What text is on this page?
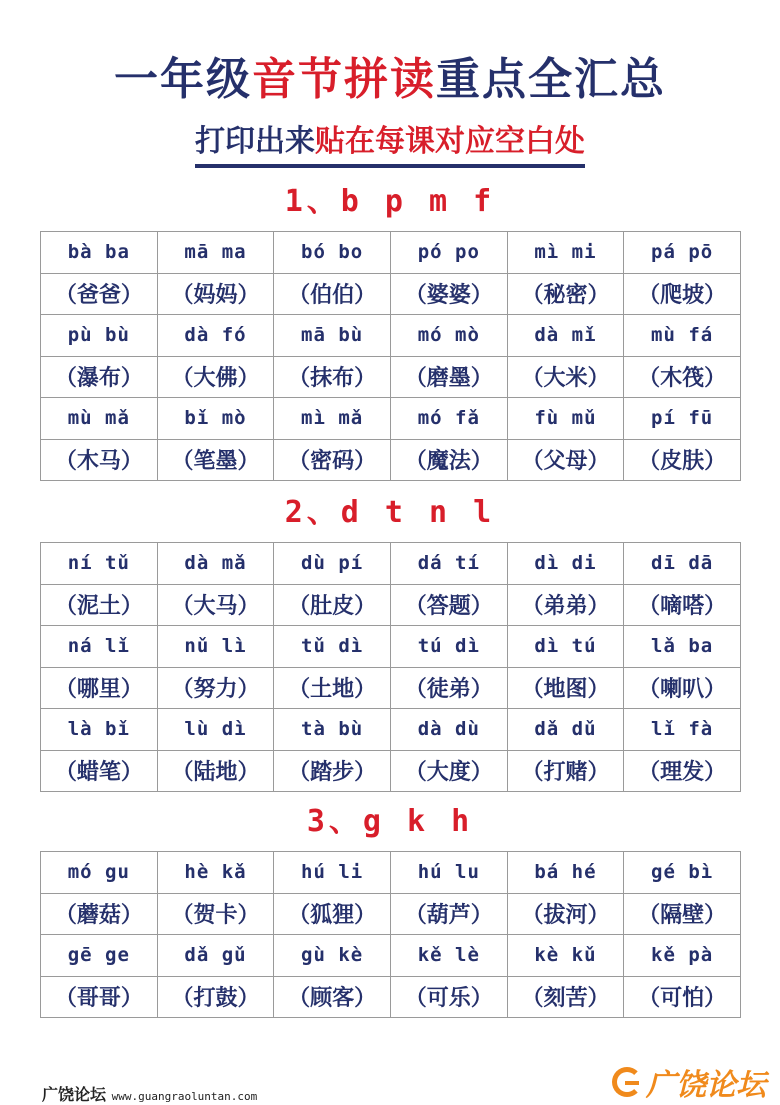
一年级音节拼读重点全汇总
打印出来贴在每课对应空白处
1、b p m f
bà ba	mā ma	bó bo	pó po	mì mi	pá pō
（爸爸）	（妈妈）	（伯伯）	（婆婆）	（秘密）	（爬坡）
pù bù	dà fó	mā bù	mó mò	dà mǐ	mù fá
（瀑布）	（大佛）	（抹布）	（磨墨）	（大米）	（木筏）
mù mǎ	bǐ mò	mì mǎ	mó fǎ	fù mǔ	pí fū
（木马）	（笔墨）	（密码）	（魔法）	（父母）	（皮肤）
2、d t n l
ní tǔ	dà mǎ	dù pí	dá tí	dì di	dī dā
（泥土）	（大马）	（肚皮）	（答题）	（弟弟）	（嘀嗒）
ná lǐ	nǔ lì	tǔ dì	tú dì	dì tú	lǎ ba
（哪里）	（努力）	（土地）	（徒弟）	（地图）	（喇叭）
là bǐ	lù dì	tà bù	dà dù	dǎ dǔ	lǐ fà
（蜡笔）	（陆地）	（踏步）	（大度）	（打赌）	（理发）
3、g k h
mó gu	hè kǎ	hú li	hú lu	bá hé	gé bì
（蘑菇）	（贺卡）	（狐狸）	（葫芦）	（拔河）	（隔壁）
gē ge	dǎ gǔ	gù kè	kě lè	kè kǔ	kě pà
（哥哥）	（打鼓）	（顾客）	（可乐）	（刻苦）	（可怕）
广饶论坛 www.guangraoluntan.com	广饶论坛
